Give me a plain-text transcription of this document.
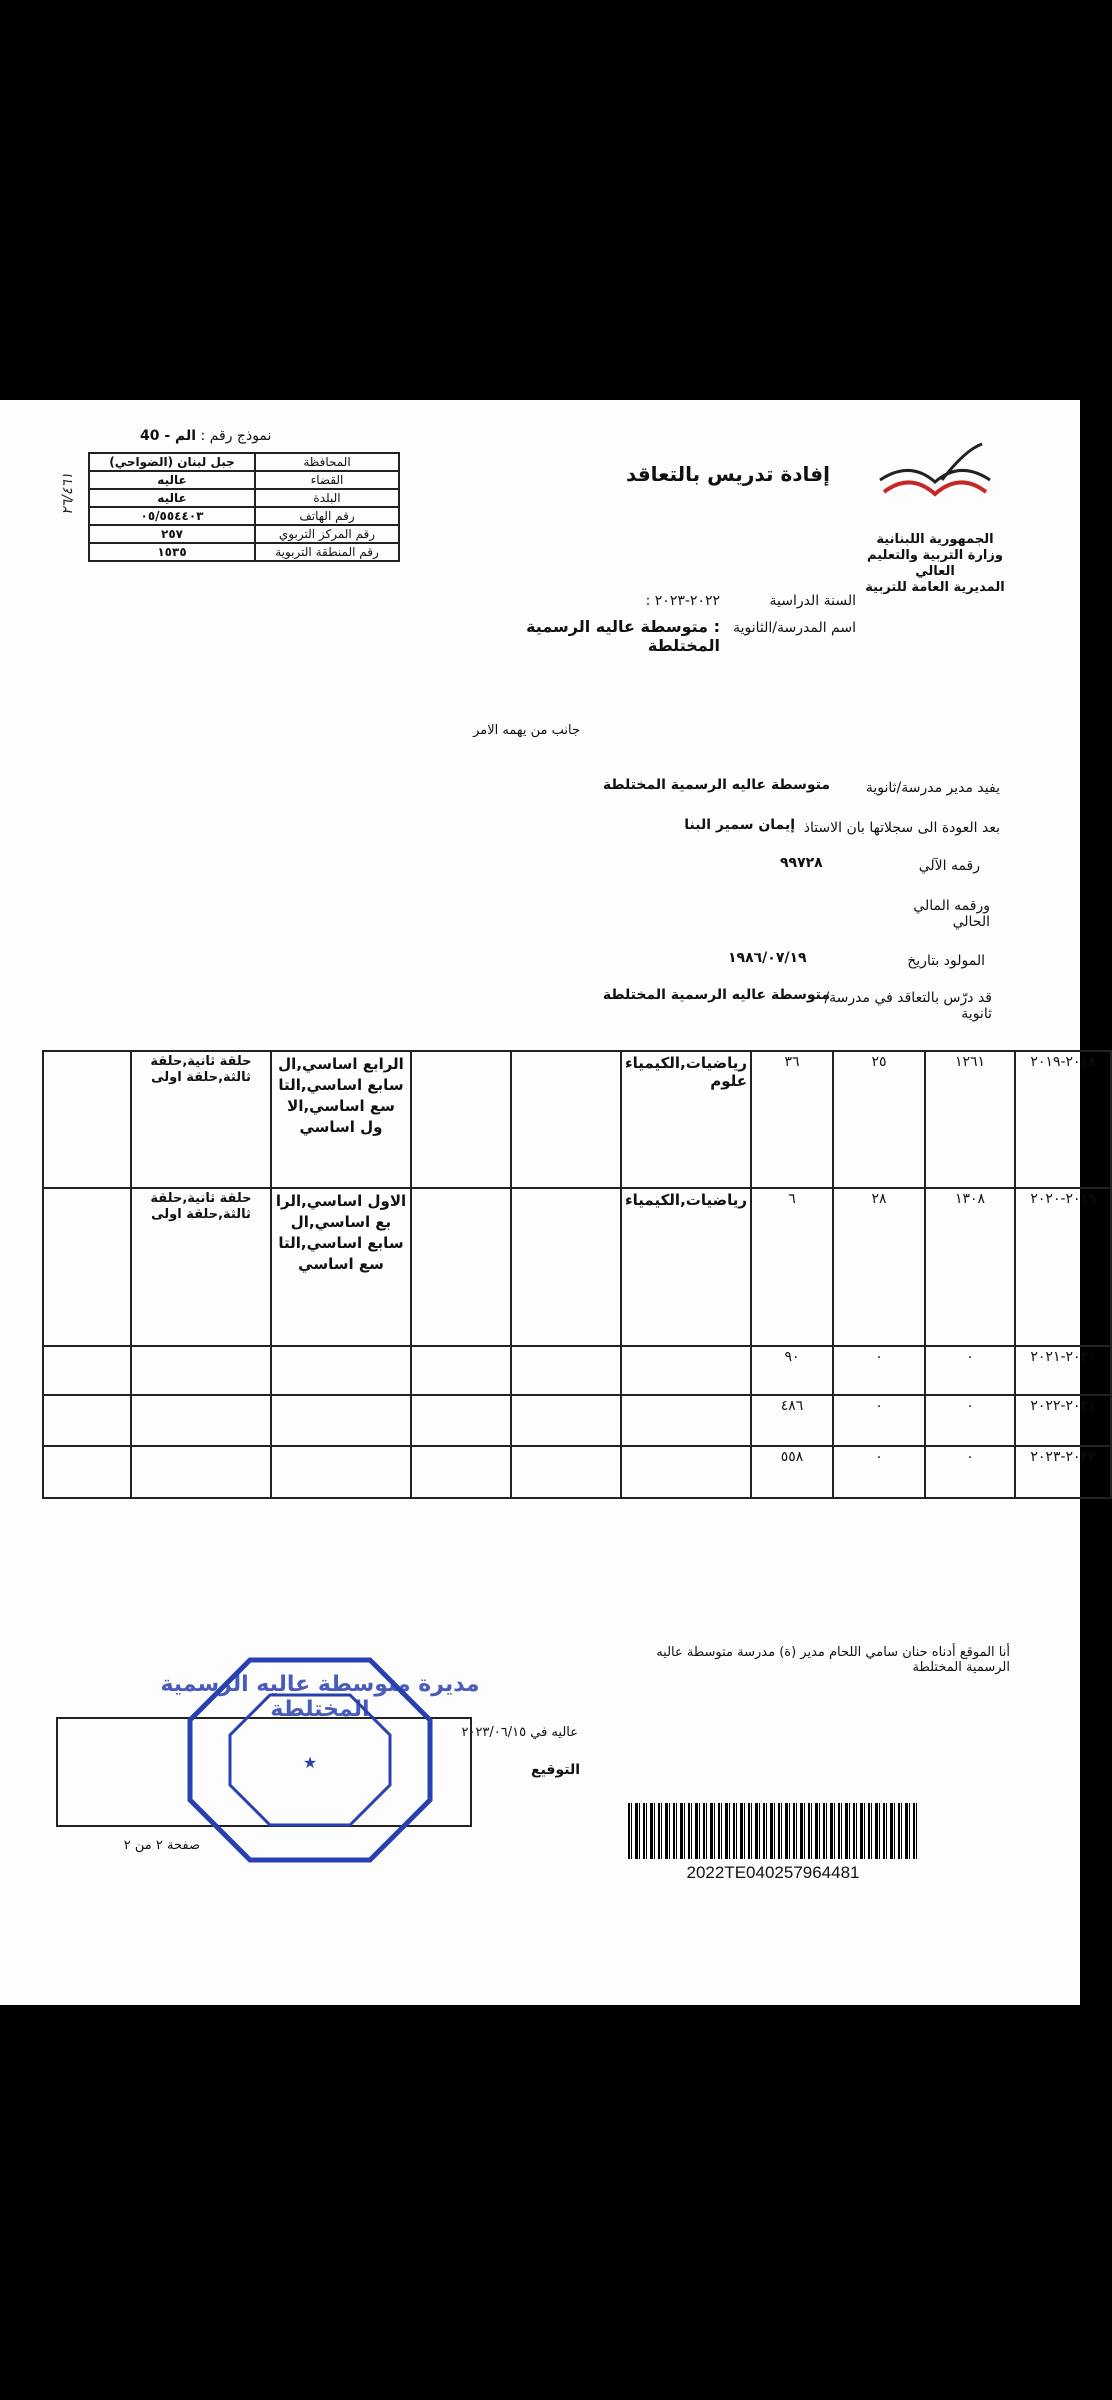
نموذج رقم : الم - 40
٢٦/٤٦١
المحافظة	جبل لبنان (الضواحي)
القضاء	عاليه
البلدة	عاليه
رقم الهاتف	٠٥/٥٥٤٤٠٣
رقم المركز التربوي	٢٥٧
رقم المنطقة التربوية	١٥٣٥
الجمهورية اللبنانية
وزارة التربية والتعليم العالي
المديرية العامة للتربية
إفادة تدريس بالتعاقد
السنة الدراسية
: ٢٠٢٢-٢٠٢٣
اسم المدرسة/الثانوية
: متوسطة عاليه الرسمية المختلطة
جانب من يهمه الامر
يفيد مدير مدرسة/ثانوية
متوسطة عاليه الرسمية المختلطة
بعد العودة الى سجلاتها بان الاستاذ
إيمان سمير البنا
رقمه الآلي
٩٩٧٢٨
ورقمه المالي
الحالي
المولود بتاريخ
١٩٨٦/٠٧/١٩
قد درّس بالتعاقد في مدرسة/ ثانوية
متوسطة عاليه الرسمية المختلطة
٢٠١٨-٢٠١٩	١٢٦١	٢٥	٣٦	رياضيات,الكيمياء علوم			الرابع اساسي,ال سابع اساسي,التا سع اساسي,الا ول اساسي	حلقة ثانية,حلقة ثالثة,حلقة اولى	
٢٠١٩-٢٠٢٠	١٣٠٨	٢٨	٦	رياضيات,الكيمياء			الاول اساسي,الرا بع اساسي,ال سابع اساسي,التا سع اساسي	حلقة ثانية,حلقة ثالثة,حلقة اولى	
٢٠٢٠-٢٠٢١	٠	٠	٩٠						
٢٠٢١-٢٠٢٢	٠	٠	٤٨٦						
٢٠٢٢-٢٠٢٣	٠	٠	٥٥٨						
أنا الموقع أدناه حنان سامي اللحام مدير (ة) مدرسة متوسطة عاليه الرسمية المختلطة
عاليه في ٢٠٢٣/٠٦/١٥
التوقيع
★
مديرة متوسطة عاليه الرسمية المختلطة
2022TE040257964481
صفحة ٢ من ٢
